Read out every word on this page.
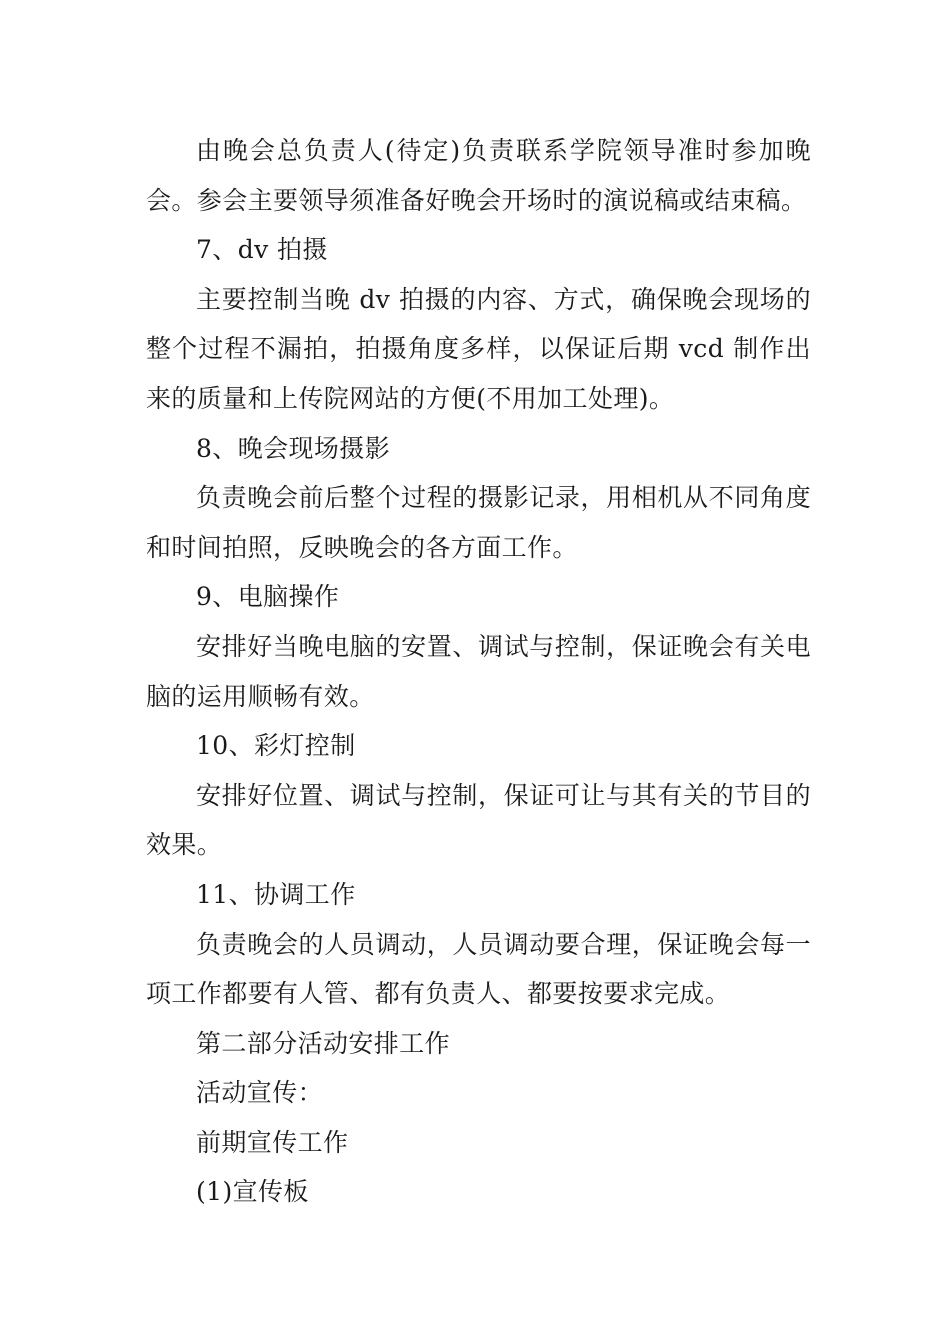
由晚会总负责人(待定)负责联系学院领导准时参加晚会。参会主要领导须准备好晚会开场时的演说稿或结束稿。

7、dv 拍摄

主要控制当晚 dv 拍摄的内容、方式，确保晚会现场的整个过程不漏拍，拍摄角度多样，以保证后期 vcd 制作出来的质量和上传院网站的方便(不用加工处理)。

8、晚会现场摄影

负责晚会前后整个过程的摄影记录，用相机从不同角度和时间拍照，反映晚会的各方面工作。

9、电脑操作

安排好当晚电脑的安置、调试与控制，保证晚会有关电脑的运用顺畅有效。

10、彩灯控制

安排好位置、调试与控制，保证可让与其有关的节目的效果。

11、协调工作

负责晚会的人员调动，人员调动要合理，保证晚会每一项工作都要有人管、都有负责人、都要按要求完成。

第二部分活动安排工作

活动宣传：

前期宣传工作

(1)宣传板
